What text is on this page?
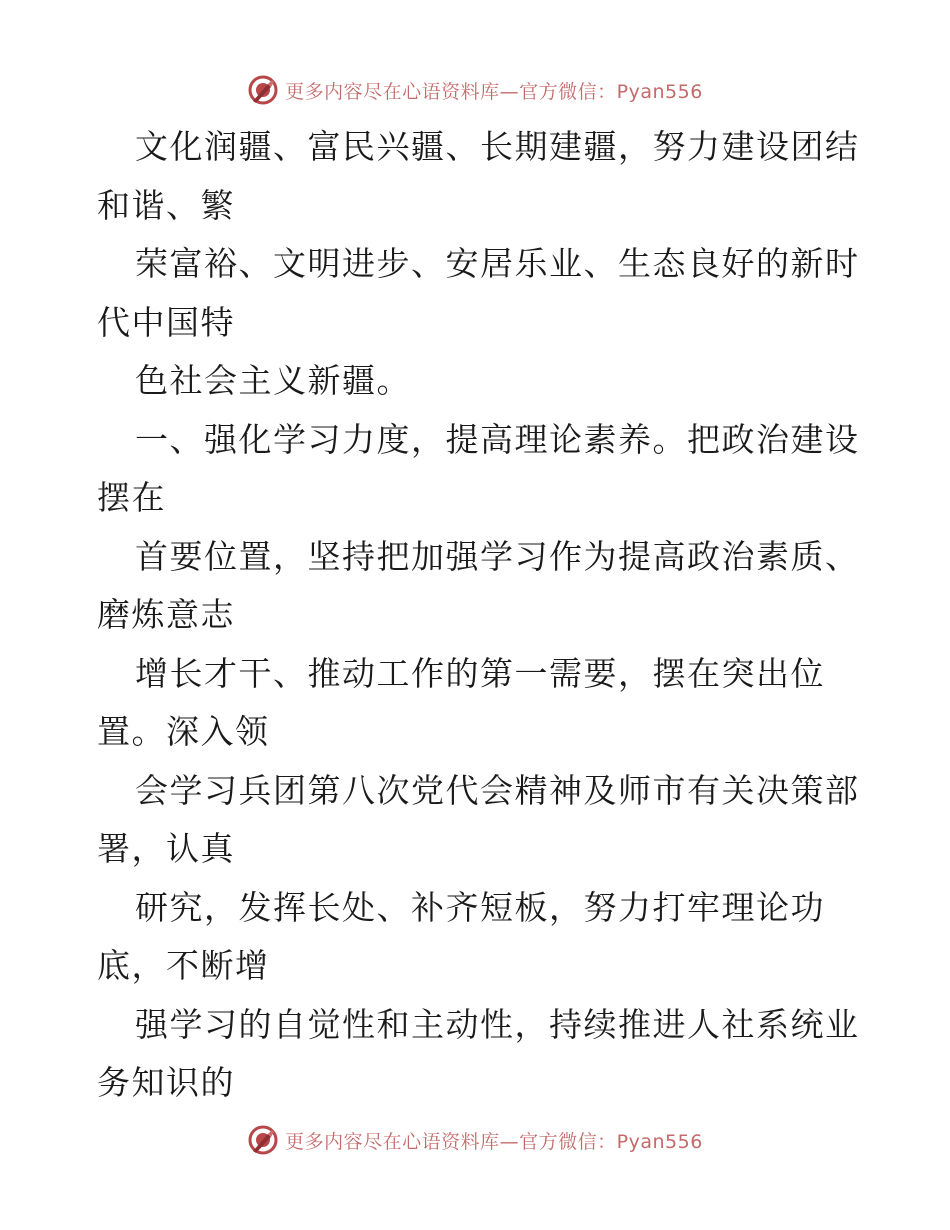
更多内容尽在心语资料库—官方微信：Pyan556
文化润疆、富民兴疆、长期建疆，努力建设团结
和谐、繁
荣富裕、文明进步、安居乐业、生态良好的新时
代中国特
色社会主义新疆。
一、强化学习力度，提高理论素养。把政治建设
摆在
首要位置，坚持把加强学习作为提高政治素质、
磨炼意志
增长才干、推动工作的第一需要，摆在突出位
置。深入领
会学习兵团第八次党代会精神及师市有关决策部
署，认真
研究，发挥长处、补齐短板，努力打牢理论功
底，不断增
强学习的自觉性和主动性，持续推进人社系统业
务知识的
更多内容尽在心语资料库—官方微信：Pyan556
